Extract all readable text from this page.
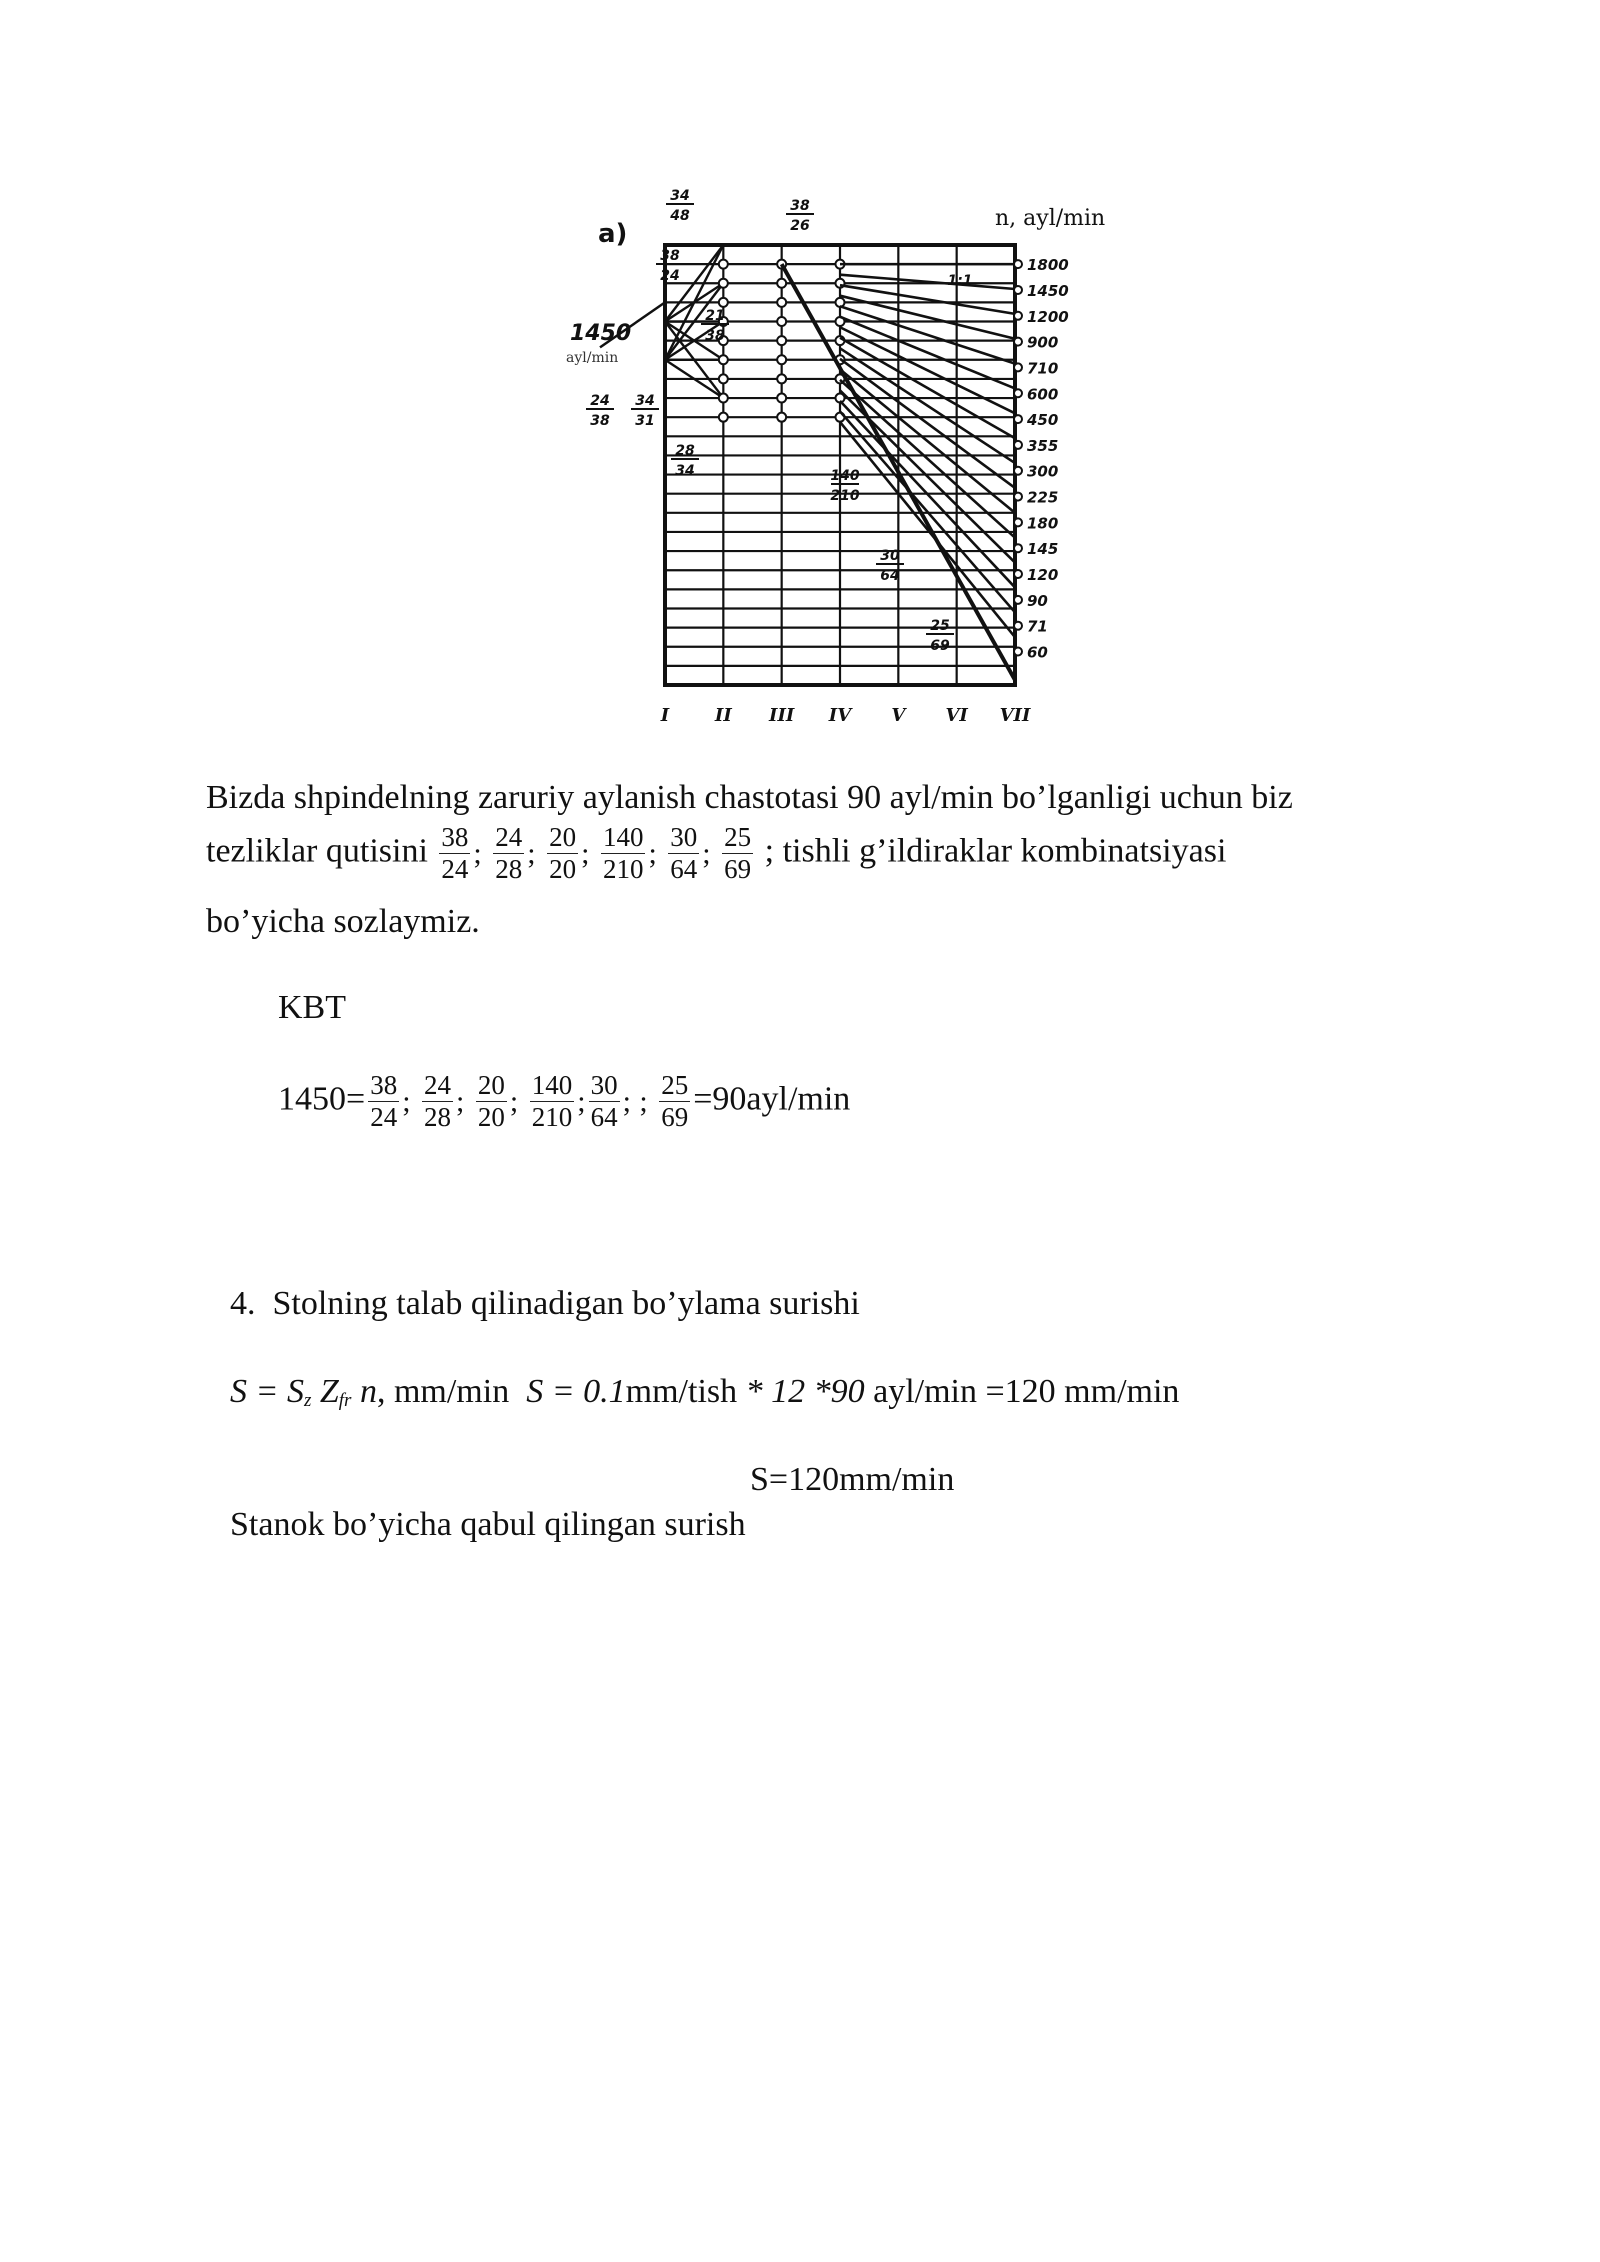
1800
1450
1200
900
710
600
450
355
300
225
180
145
120
90
71
60
I	II III IV V VI VII
a)
n, ayl/min
1450
ayl/min
34
48
38
26
38
24
21
38
24
38
34
31
28
34	140
210
30
64
25
69
1:1
Bizda shpindelning zaruriy aylanish chastotasi 90 ayl/min bo’lganligi uchun biz
tezliklar qutisini $\frac{38}{24}$ ; $\frac{24}{28}$ ; $\frac{20}{20}$ ; $\frac{140}{210}$ ; $\frac{30}{64}$ ; $\frac{25}{69}$ ; tishli g’ildiraklar kombinatsiyasi
bo’yicha sozlaymiz.
KBT
$1450= \frac{38}{24}$ ; $\frac{24}{28}$ ; $\frac{20}{20}$ ; $\frac{140}{210}$ ; $\frac{30}{64}$ ; ; $\frac{25}{69} =90ayl/\min$
4. Stolning talab qilinadigan bo’ylama surishi
$S = S_z$ $Z_{fr}$ n, mm/min S = 0.1mm/tish * 12 *90 ayl/min =120 mm/min
S=120mm/min
Stanok bo’yicha qabul qilingan surish
